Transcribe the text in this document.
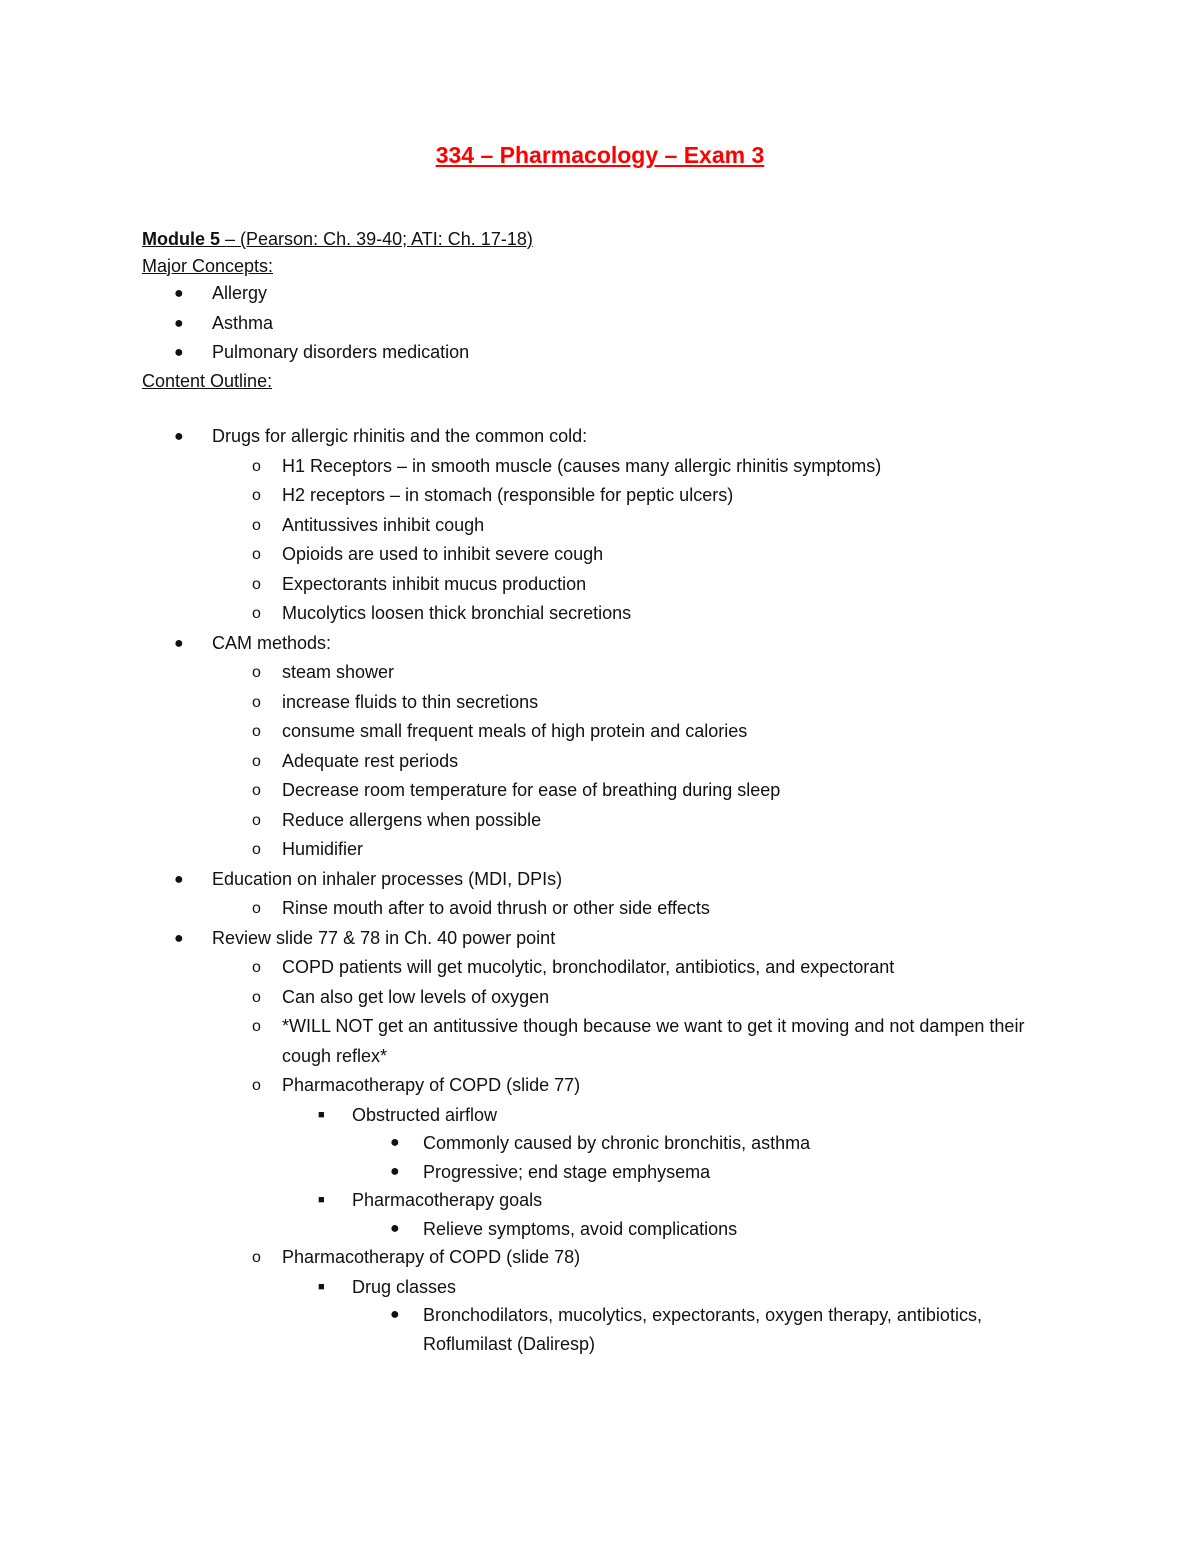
334 – Pharmacology – Exam 3
Module 5 – (Pearson: Ch. 39-40; ATI: Ch. 17-18)
Major Concepts:
● Allergy
● Asthma
● Pulmonary disorders medication
Content Outline:
● Drugs for allergic rhinitis and the common cold:
o H1 Receptors – in smooth muscle (causes many allergic rhinitis symptoms)
o H2 receptors – in stomach (responsible for peptic ulcers)
o Antitussives inhibit cough
o Opioids are used to inhibit severe cough
o Expectorants inhibit mucus production
o Mucolytics loosen thick bronchial secretions
● CAM methods:
o steam shower
o increase fluids to thin secretions
o consume small frequent meals of high protein and calories
o Adequate rest periods
o Decrease room temperature for ease of breathing during sleep
o Reduce allergens when possible
o Humidifier
● Education on inhaler processes (MDI, DPIs)
o Rinse mouth after to avoid thrush or other side effects
● Review slide 77 & 78 in Ch. 40 power point
o COPD patients will get mucolytic, bronchodilator, antibiotics, and expectorant
o Can also get low levels of oxygen
o *WILL NOT get an antitussive though because we want to get it moving and not dampen their cough reflex*
o Pharmacotherapy of COPD (slide 77)
■ Obstructed airflow
● Commonly caused by chronic bronchitis, asthma
● Progressive; end stage emphysema
■ Pharmacotherapy goals
● Relieve symptoms, avoid complications
o Pharmacotherapy of COPD (slide 78)
■ Drug classes
● Bronchodilators, mucolytics, expectorants, oxygen therapy, antibiotics, Roflumilast (Daliresp)
